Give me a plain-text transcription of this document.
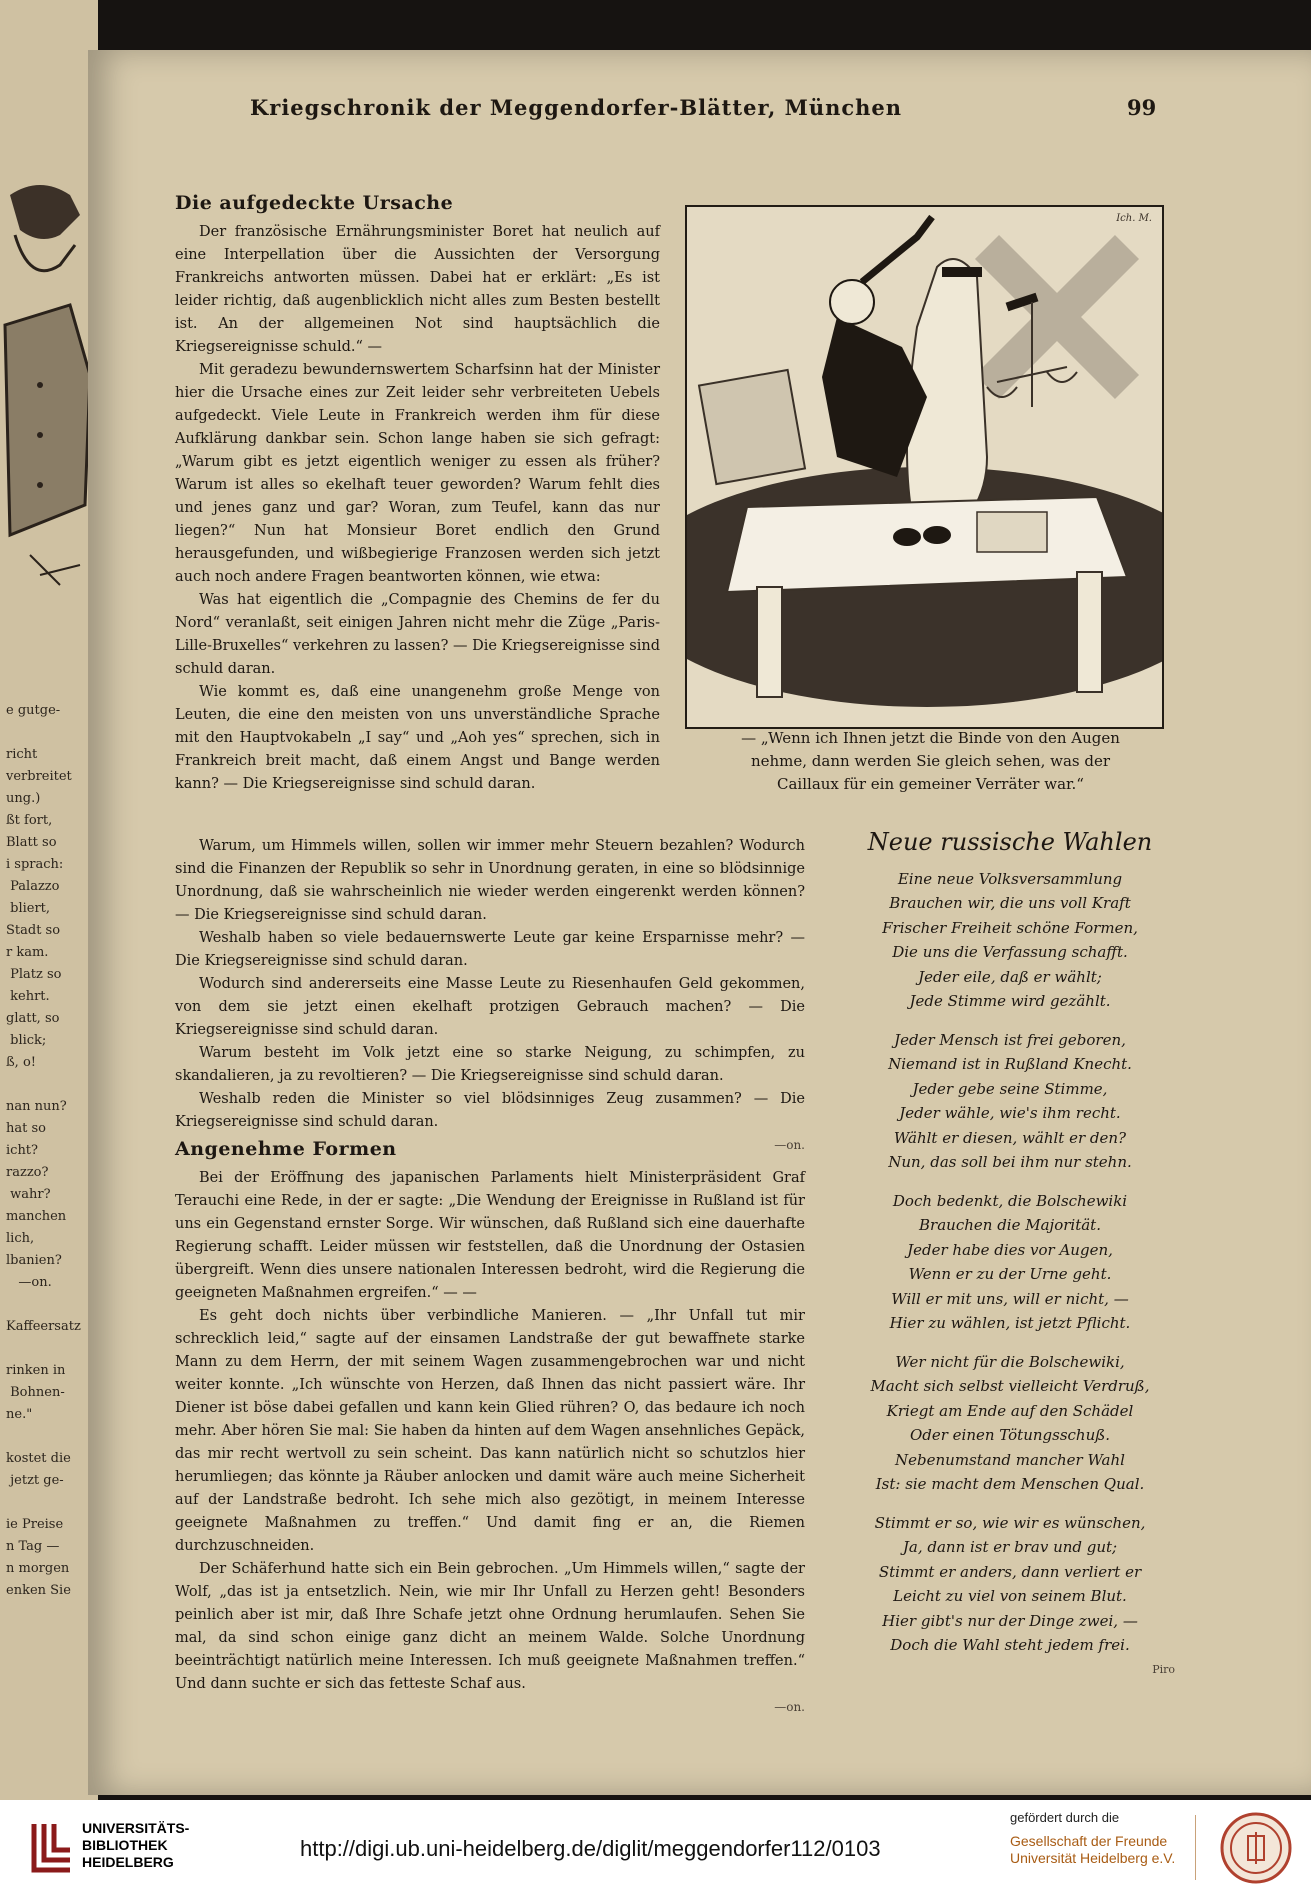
e gutge-

richt
verbreitet
ung.)
ßt fort,
Blatt so
i sprach:
Palazzo
bliert,
Stadt so
r kam.
Platz so
kehrt.
glatt, so
blick;
ß, o!

nan nun?
hat so
icht?
razzo?
wahr?
manchen
lich,
lbanien?
—on.

Kaffeersatz

rinken in
Bohnen-
ne."

kostet die
jetzt ge-

ie Preise
n Tag —
n morgen
enken Sie
Kriegschronik der Meggendorfer-Blätter, München	99
Die aufgedeckte Ursache

Der französische Ernährungsminister Boret hat neulich auf eine Interpellation über die Aussichten der Versorgung Frankreichs antworten müssen. Dabei hat er erklärt: „Es ist leider richtig, daß augenblicklich nicht alles zum Besten bestellt ist. An der allgemeinen Not sind hauptsächlich die Kriegsereignisse schuld.“ —

Mit geradezu bewundernswertem Scharfsinn hat der Minister hier die Ursache eines zur Zeit leider sehr verbreiteten Uebels aufgedeckt. Viele Leute in Frankreich werden ihm für diese Aufklärung dankbar sein. Schon lange haben sie sich gefragt: „Warum gibt es jetzt eigentlich weniger zu essen als früher? Warum ist alles so ekelhaft teuer geworden? Warum fehlt dies und jenes ganz und gar? Woran, zum Teufel, kann das nur liegen?“ Nun hat Monsieur Boret endlich den Grund herausgefunden, und wißbegierige Franzosen werden sich jetzt auch noch andere Fragen beantworten können, wie etwa:

Was hat eigentlich die „Compagnie des Chemins de fer du Nord“ veranlaßt, seit einigen Jahren nicht mehr die Züge „Paris-Lille-Bruxelles“ verkehren zu lassen? — Die Kriegsereignisse sind schuld daran.

Wie kommt es, daß eine unangenehm große Menge von Leuten, die eine den meisten von uns unverständliche Sprache mit den Hauptvokabeln „I say“ und „Aoh yes“ sprechen, sich in Frankreich breit macht, daß einem Angst und Bange werden kann? — Die Kriegsereignisse sind schuld daran.

Ich. M.
— „Wenn ich Ihnen jetzt die Binde von den Augen nehme, dann werden Sie gleich sehen, was der Caillaux für ein gemeiner Verräter war.“

Warum, um Himmels willen, sollen wir immer mehr Steuern bezahlen? Wodurch sind die Finanzen der Republik so sehr in Unordnung geraten, in eine so blödsinnige Unordnung, daß sie wahrscheinlich nie wieder werden eingerenkt werden können? — Die Kriegsereignisse sind schuld daran.

Weshalb haben so viele bedauernswerte Leute gar keine Ersparnisse mehr? — Die Kriegsereignisse sind schuld daran.

Wodurch sind andererseits eine Masse Leute zu Riesenhaufen Geld gekommen, von dem sie jetzt einen ekelhaft protzigen Gebrauch machen? — Die Kriegsereignisse sind schuld daran.

Warum besteht im Volk jetzt eine so starke Neigung, zu schimpfen, zu skandalieren, ja zu revoltieren? — Die Kriegsereignisse sind schuld daran.

Weshalb reden die Minister so viel blödsinniges Zeug zusammen? — Die Kriegsereignisse sind schuld daran.

—on.
Angenehme Formen

Bei der Eröffnung des japanischen Parlaments hielt Ministerpräsident Graf Terauchi eine Rede, in der er sagte: „Die Wendung der Ereignisse in Rußland ist für uns ein Gegenstand ernster Sorge. Wir wünschen, daß Rußland sich eine dauerhafte Regierung schafft. Leider müssen wir feststellen, daß die Unordnung der Ostasien übergreift. Wenn dies unsere nationalen Interessen bedroht, wird die Regierung die geeigneten Maßnahmen ergreifen.“ — —

Es geht doch nichts über verbindliche Manieren. — „Ihr Unfall tut mir schrecklich leid,“ sagte auf der einsamen Landstraße der gut bewaffnete starke Mann zu dem Herrn, der mit seinem Wagen zusammengebrochen war und nicht weiter konnte. „Ich wünschte von Herzen, daß Ihnen das nicht passiert wäre. Ihr Diener ist böse dabei gefallen und kann kein Glied rühren? O, das bedaure ich noch mehr. Aber hören Sie mal: Sie haben da hinten auf dem Wagen ansehnliches Gepäck, das mir recht wertvoll zu sein scheint. Das kann natürlich nicht so schutzlos hier herumliegen; das könnte ja Räuber anlocken und damit wäre auch meine Sicherheit auf der Landstraße bedroht. Ich sehe mich also gezötigt, in meinem Interesse geeignete Maßnahmen zu treffen.“ Und damit fing er an, die Riemen durchzuschneiden.

Der Schäferhund hatte sich ein Bein gebrochen. „Um Himmels willen,“ sagte der Wolf, „das ist ja entsetzlich. Nein, wie mir Ihr Unfall zu Herzen geht! Besonders peinlich aber ist mir, daß Ihre Schafe jetzt ohne Ordnung herumlaufen. Sehen Sie mal, da sind schon einige ganz dicht an meinem Walde. Solche Unordnung beeinträchtigt natürlich meine Interessen. Ich muß geeignete Maßnahmen treffen.“ Und dann suchte er sich das fetteste Schaf aus.

—on.
Neue russische Wahlen
Eine neue Volksversammlung
Brauchen wir, die uns voll Kraft
Frischer Freiheit schöne Formen,
Die uns die Verfassung schafft.
Jeder eile, daß er wählt;
Jede Stimme wird gezählt.
Jeder Mensch ist frei geboren,
Niemand ist in Rußland Knecht.
Jeder gebe seine Stimme,
Jeder wähle, wie's ihm recht.
Wählt er diesen, wählt er den?
Nun, das soll bei ihm nur stehn.
Doch bedenkt, die Bolschewiki
Brauchen die Majorität.
Jeder habe dies vor Augen,
Wenn er zu der Urne geht.
Will er mit uns, will er nicht, —
Hier zu wählen, ist jetzt Pflicht.
Wer nicht für die Bolschewiki,
Macht sich selbst vielleicht Verdruß,
Kriegt am Ende auf den Schädel
Oder einen Tötungsschuß.
Nebenumstand mancher Wahl
Ist: sie macht dem Menschen Qual.
Stimmt er so, wie wir es wünschen,
Ja, dann ist er brav und gut;
Stimmt er anders, dann verliert er
Leicht zu viel von seinem Blut.
Hier gibt's nur der Dinge zwei, —
Doch die Wahl steht jedem frei.
Piro
UNIVERSITÄTS-
BIBLIOTHEK
HEIDELBERG
http://digi.ub.uni-heidelberg.de/diglit/meggendorfer112/0103
gefördert durch die
Gesellschaft der Freunde
Universität Heidelberg e.V.
